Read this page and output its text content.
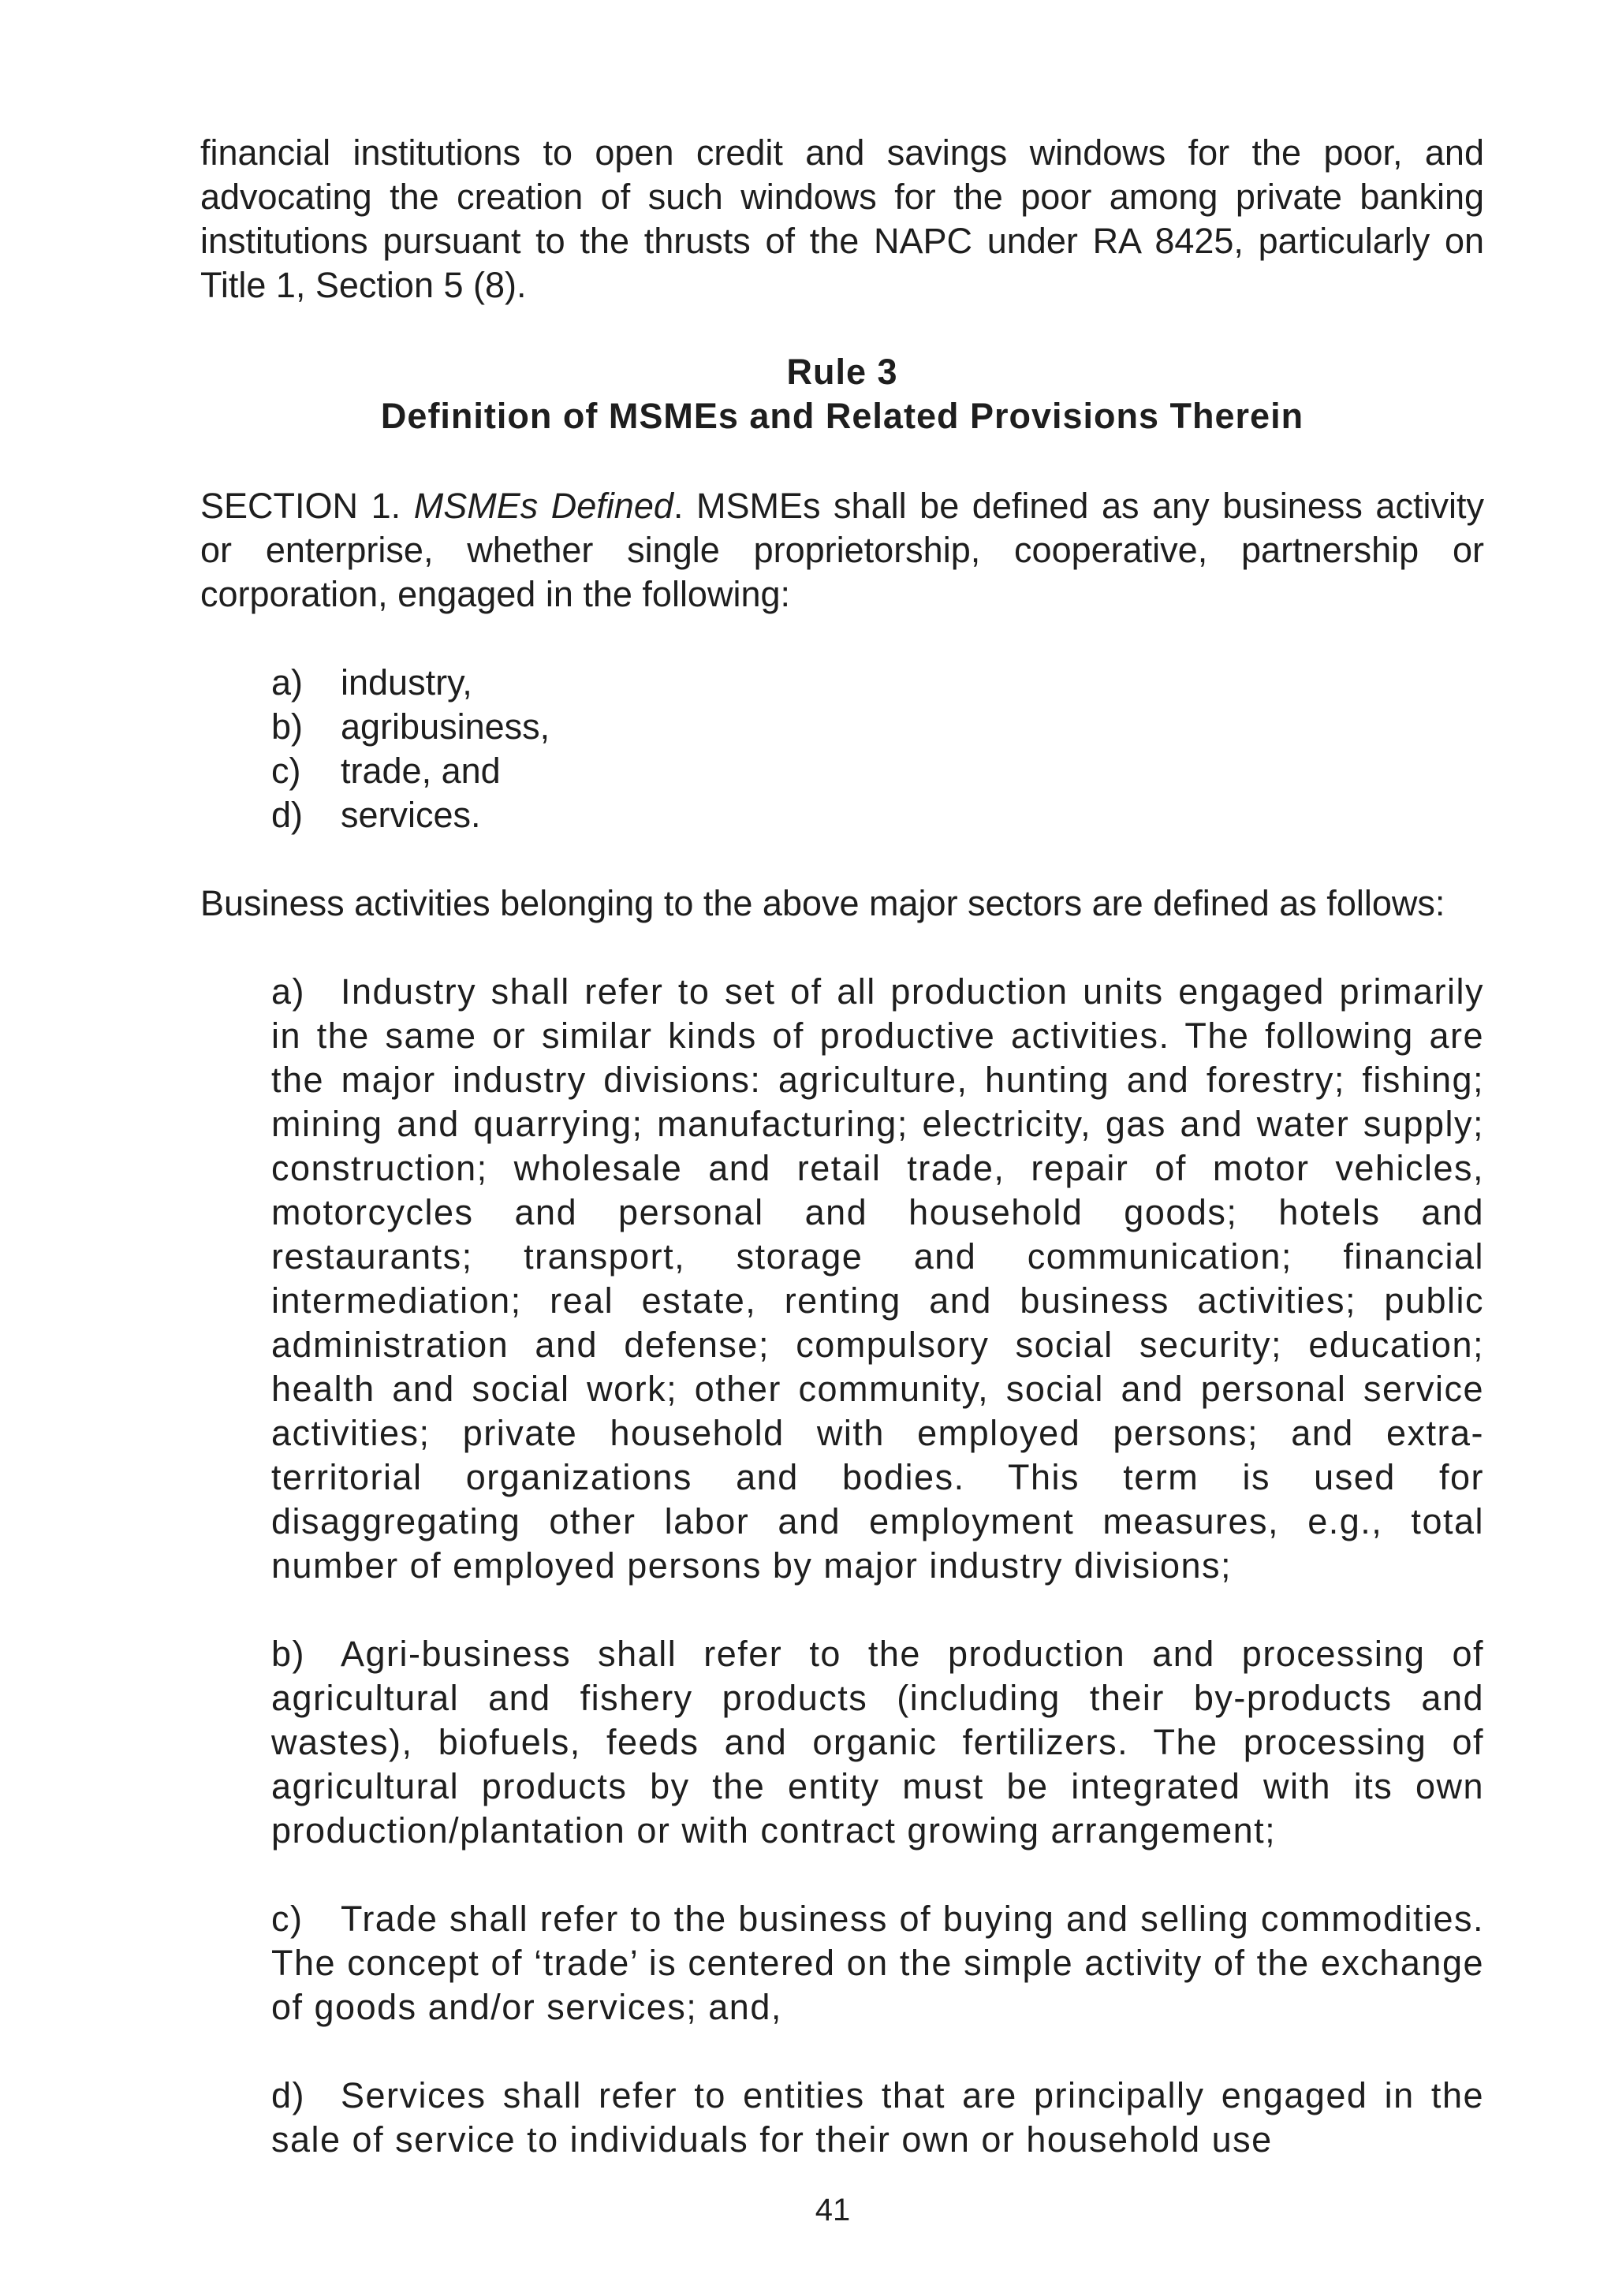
financial institutions to open credit and savings windows for the poor, and advocating the creation of such windows for the poor among private banking institutions pursuant to the thrusts of the NAPC under RA 8425, particularly on Title 1, Section 5 (8).

Rule 3
Definition of MSMEs and Related Provisions Therein

SECTION 1. MSMEs Defined. MSMEs shall be defined as any business activity or enterprise, whether single proprietorship, cooperative, partnership or corporation, engaged in the following:

a)	industry,
b)	agribusiness,
c)	trade, and
d)	services.

Business activities belonging to the above major sectors are defined as follows:

a) Industry shall refer to set of all production units engaged primarily in the same or similar kinds of productive activities. The following are the major industry divisions: agriculture, hunting and forestry; fishing; mining and quarrying; manufacturing; electricity, gas and water supply; construction; wholesale and retail trade, repair of motor vehicles, motorcycles and personal and household goods; hotels and restaurants; transport, storage and communication; financial intermediation; real estate, renting and business activities; public administration and defense; compulsory social security; education; health and social work; other community, social and personal service activities; private household with employed persons; and extra-territorial organizations and bodies. This term is used for disaggregating other labor and employment measures, e.g., total number of employed persons by major industry divisions;

b) Agri-business shall refer to the production and processing of agricultural and fishery products (including their by-products and wastes), biofuels, feeds and organic fertilizers. The processing of agricultural products by the entity must be integrated with its own production/plantation or with contract growing arrangement;

c) Trade shall refer to the business of buying and selling commodities. The concept of ‘trade’ is centered on the simple activity of the exchange of goods and/or services; and,

d) Services shall refer to entities that are principally engaged in the sale of service to individuals for their own or household use

41
